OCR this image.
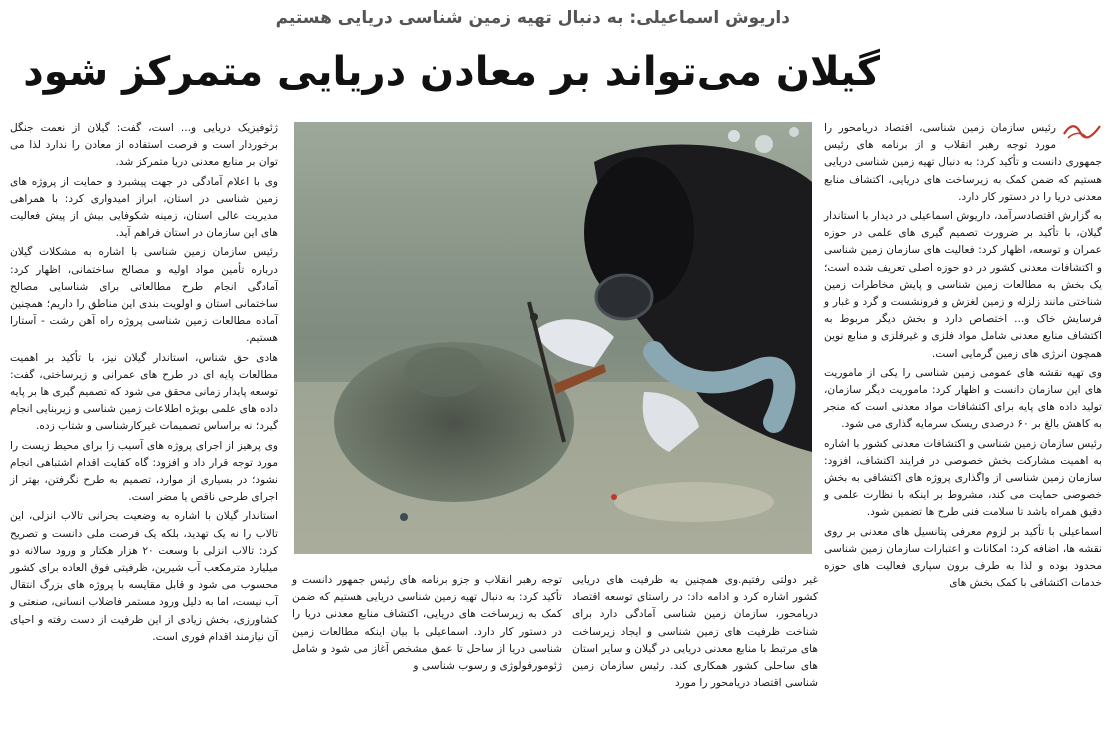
داریوش اسماعیلی: به دنبال تهیه زمین شناسی دریایی هستیم
گیلان می‌تواند بر معادن دریایی متمرکز شود

رئیس سازمان زمین شناسی، اقتصاد دریامحور را مورد توجه رهبر انقلاب و از برنامه های رئیس جمهوری دانست و تأکید کرد: به دنبال تهیه زمین شناسی دریایی هستیم که ضمن کمک به زیرساخت های دریایی، اکتشاف منابع معدنی دریا را در دستور کار دارد.

به گزارش اقتصادسرآمد، داریوش اسماعیلی در دیدار با استاندار گیلان، با تأکید بر ضرورت تصمیم گیری های علمی در حوزه عمران و توسعه، اظهار کرد: فعالیت های سازمان زمین شناسی و اکتشافات معدنی کشور در دو حوزه اصلی تعریف شده است؛ یک بخش به مطالعات زمین شناسی و پایش مخاطرات زمین شناختی مانند زلزله و زمین لغزش و فرونشست و گرد و غبار و فرسایش خاک و... اختصاص دارد و بخش دیگر مربوط به اکتشاف منابع معدنی شامل مواد فلزی و غیرفلزی و منابع نوین همچون انرژی های زمین گرمایی است.

وی تهیه نقشه های عمومی زمین شناسی را یکی از ماموریت های این سازمان دانست و اظهار کرد: ماموریت دیگر سازمان، تولید داده های پایه برای اکتشافات مواد معدنی است که منجر به کاهش بالغ بر ۶۰ درصدی ریسک سرمایه گذاری می شود.

رئیس سازمان زمین شناسی و اکتشافات معدنی کشور با اشاره به اهمیت مشارکت بخش خصوصی در فرایند اکتشاف، افزود: سازمان زمین شناسی از واگذاری پروژه های اکتشافی به بخش خصوصی حمایت می کند، مشروط بر اینکه با نظارت علمی و دقیق همراه باشد تا سلامت فنی طرح ها تضمین شود.

اسماعیلی با تأکید بر لزوم معرفی پتانسیل های معدنی بر روی نقشه ها، اضافه کرد: امکانات و اعتبارات سازمان زمین شناسی محدود بوده و لذا به طرف برون سپاری فعالیت های حوزه خدمات اکتشافی با کمک بخش های

غیر دولتی رفتیم.وی همچنین به ظرفیت های دریایی کشور اشاره کرد و ادامه داد: در راستای توسعه اقتصاد دریامحور، سازمان زمین شناسی آمادگی دارد برای شناخت ظرفیت های زمین شناسی و ایجاد زیرساخت های مرتبط با منابع معدنی دریایی در گیلان و سایر استان های ساحلی کشور همکاری کند. رئیس سازمان زمین شناسی اقتصاد دریامحور را مورد

توجه رهبر انقلاب و جزو برنامه های رئیس جمهور دانست و تأکید کرد: به دنبال تهیه زمین شناسی دریایی هستیم که ضمن کمک به زیرساخت های دریایی، اکتشاف منابع معدنی دریا را در دستور کار دارد. اسماعیلی با بیان اینکه مطالعات زمین شناسی دریا از ساحل تا عمق مشخص آغاز می شود و شامل ژئومورفولوژی و رسوب شناسی و

ژئوفیزیک دریایی و... است، گفت: گیلان از نعمت جنگل برخوردار است و فرصت استفاده از معادن را ندارد لذا می توان بر منابع معدنی دریا متمرکز شد.

وی با اعلام آمادگی در جهت پیشبرد و حمایت از پروژه های زمین شناسی در استان، ابراز امیدواری کرد: با همراهی مدیریت عالی استان، زمینه شکوفایی بیش از پیش فعالیت های این سازمان در استان فراهم آید.

رئیس سازمان زمین شناسی با اشاره به مشکلات گیلان درباره تأمین مواد اولیه و مصالح ساختمانی، اظهار کرد: آمادگی انجام طرح مطالعاتی برای شناسایی مصالح ساختمانی استان و اولویت بندی این مناطق را داریم؛ همچنین آماده مطالعات زمین شناسی پروژه راه آهن رشت - آستارا هستیم.

هادی حق شناس، استاندار گیلان نیز، با تأکید بر اهمیت مطالعات پایه ای در طرح های عمرانی و زیرساختی، گفت: توسعه پایدار زمانی محقق می شود که تصمیم گیری ها بر پایه داده های علمی بویژه اطلاعات زمین شناسی و زیربنایی انجام گیرد؛ نه براساس تصمیمات غیرکارشناسی و شتاب زده.

وی پرهیز از اجرای پروژه های آسیب زا برای محیط زیست را مورد توجه قرار داد و افزود: گاه کفایت اقدام اشتباهی انجام نشود؛ در بسیاری از موارد، تصمیم به طرح نگرفتن، بهتر از اجرای طرحی ناقص یا مضر است.

استاندار گیلان با اشاره به وضعیت بحرانی تالاب انزلی، این تالاب را نه یک تهدید، بلکه یک فرصت ملی دانست و تصریح کرد: تالاب انزلی با وسعت ۲۰ هزار هکتار و ورود سالانه دو میلیارد مترمکعب آب شیرین، ظرفیتی فوق العاده برای کشور محسوب می شود و قابل مقایسه با پروژه های بزرگ انتقال آب نیست، اما به دلیل ورود مستمر فاضلاب انسانی، صنعتی و کشاورزی، بخش زیادی از این ظرفیت از دست رفته و احیای آن نیازمند اقدام فوری است.
